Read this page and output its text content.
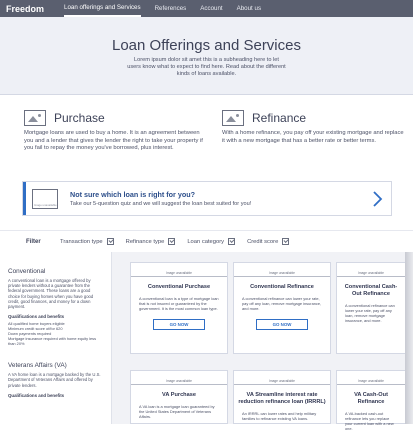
Freedom	Loan offerings and Services References Account About us
Loan Offerings and Services

Lorem ipsum dolor sit amet this is a subheading here to let users know what to expect to find here. Read about the different kinds of loans available.

Purchase

Mortgage loans are used to buy a home. It is an agreement between you and a lender that gives the lender the right to take your property if you fail to repay the money you've borrowed, plus interest.

Refinance

With a home refinance, you pay off your existing mortgage and replace it with a new mortgage that has a better rate or better terms.

Image unavailable
Not sure which loan is right for you?
Take our 5-question quiz and we will suggest the loan best suited for you!
Filter	Transaction type	Refinance type	Loan category	Credit score
Conventional

A conventional loan is a mortgage offered by private lenders without a guarantee from the federal government. These loans are a good choice for buying homes when you have good credit, good finances, and money for a down payment.

Qualifications and benefits
All qualified home buyers eligible
Minimum credit score of/for 620
Down payments required
Mortgage insurance required with home equity less than 20%
Veterans Affairs (VA)

A VA home loan is a mortgage backed by the U.S. Department of Veterans Affairs and offered by private lenders.

Qualifications and benefits
Image unavailable
Conventional Purchase

A conventional loan is a type of mortgage loan that is not insured or guaranteed by the government. It is the most common loan type.

GO NOW
Image unavailable
Conventional Refinance

A conventional refinance can lower your rate, pay off any loan, remove mortgage insurance, and more.

GO NOW
Image unavailable
Conventional Cash-Out Refinance

A conventional refinance can lower your rate, pay off any loan, remove mortgage insurance, and more.

Image unavailable
VA Purchase

A VA loan is a mortgage loan guaranteed by the United States Department of Veterans Affairs.

Image unavailable
VA Streamline interest rate reduction refinance loan (IRRRL)

An IRRRL can lower rates and help military families to refinance existing VA loans.

Image unavailable
VA Cash-Out Refinance

A VA-backed cash-out refinance lets you replace your current loan with a new one.
